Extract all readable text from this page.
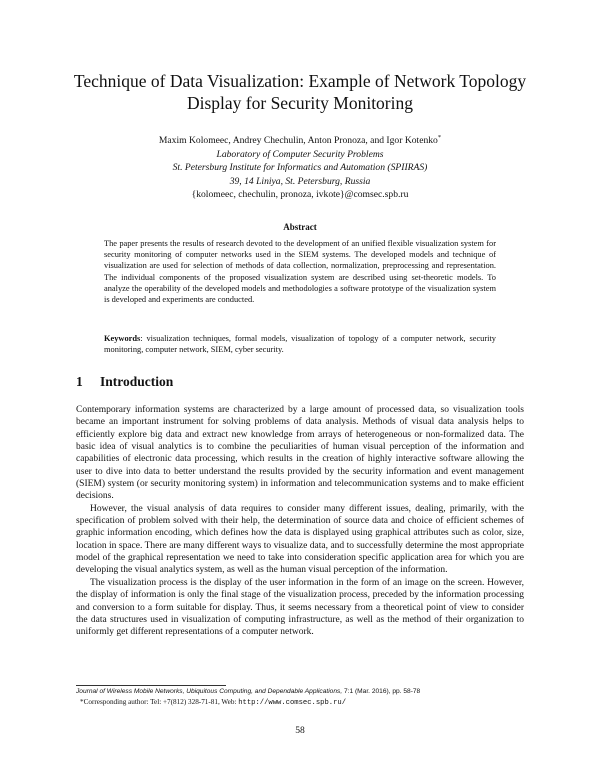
Technique of Data Visualization: Example of Network Topology
Display for Security Monitoring
Maxim Kolomeec, Andrey Chechulin, Anton Pronoza, and Igor Kotenko*
Laboratory of Computer Security Problems
St. Petersburg Institute for Informatics and Automation (SPIIRAS)
39, 14 Liniya, St. Petersburg, Russia
{kolomeec, chechulin, pronoza, ivkote}@comsec.spb.ru
Abstract

The paper presents the results of research devoted to the development of an unified flexible visualization system for security monitoring of computer networks used in the SIEM systems. The developed models and technique of visualization are used for selection of methods of data collection, normalization, preprocessing and representation. The individual components of the proposed visualization system are described using set-theoretic models. To analyze the operability of the developed models and methodologies a software prototype of the visualization system is developed and experiments are conducted.

Keywords: visualization techniques, formal models, visualization of topology of a computer network, security monitoring, computer network, SIEM, cyber security.

1 Introduction

Contemporary information systems are characterized by a large amount of processed data, so visualization tools became an important instrument for solving problems of data analysis. Methods of visual data analysis helps to efficiently explore big data and extract new knowledge from arrays of heterogeneous or non-formalized data. The basic idea of visual analytics is to combine the peculiarities of human visual perception of the information and capabilities of electronic data processing, which results in the creation of highly interactive software allowing the user to dive into data to better understand the results provided by the security information and event management (SIEM) system (or security monitoring system) in information and telecommunication systems and to make efficient decisions.

However, the visual analysis of data requires to consider many different issues, dealing, primarily, with the specification of problem solved with their help, the determination of source data and choice of efficient schemes of graphic information encoding, which defines how the data is displayed using graphical attributes such as color, size, location in space. There are many different ways to visualize data, and to successfully determine the most appropriate model of the graphical representation we need to take into consideration specific application area for which you are developing the visual analytics system, as well as the human visual perception of the information.

The visualization process is the display of the user information in the form of an image on the screen. However, the display of information is only the final stage of the visualization process, preceded by the information processing and conversion to a form suitable for display. Thus, it seems necessary from a theoretical point of view to consider the data structures used in visualization of computing infrastructure, as well as the method of their organization to uniformly get different representations of a computer network.

Journal of Wireless Mobile Networks, Ubiquitous Computing, and Dependable Applications, 7:1 (Mar. 2016), pp. 58-78
*Corresponding author: Tel: +7(812) 328-71-81, Web: http://www.comsec.spb.ru/
58
